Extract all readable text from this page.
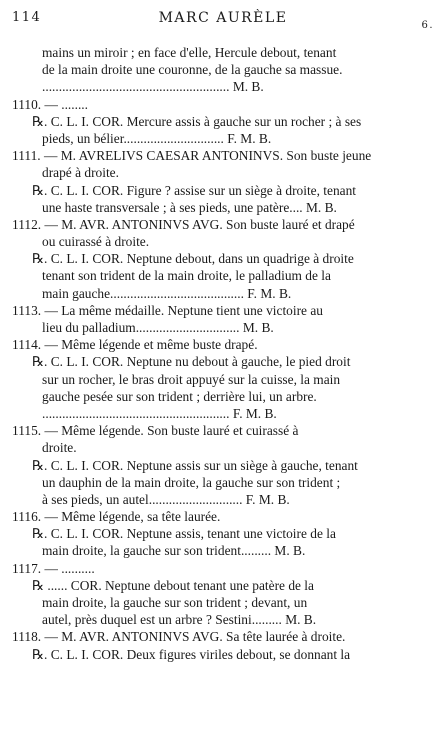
114	MARC AURÈLE	6.
mains un miroir ; en face d'elle, Hercule debout, tenant
de la main droite une couronne, de la gauche sa massue.
........................................................ M. B.
1110. — ........
℞. C. L. I. COR. Mercure assis à gauche sur un rocher ; à ses
pieds, un bélier.............................. F. M. B.
1111. — M. AVRELIVS CAESAR ANTONINVS. Son buste jeune
drapé à droite.
℞. C. L. I. COR. Figure ? assise sur un siège à droite, tenant
une haste transversale ; à ses pieds, une patère.... M. B.
1112. — M. AVR. ANTONINVS AVG. Son buste lauré et drapé
ou cuirassé à droite.
℞. C. L. I. COR. Neptune debout, dans un quadrige à droite
tenant son trident de la main droite, le palladium de la
main gauche........................................ F. M. B.
1113. — La même médaille. Neptune tient une victoire au
lieu du palladium............................... M. B.
1114. — Même légende et même buste drapé.
℞. C. L. I. COR. Neptune nu debout à gauche, le pied droit
sur un rocher, le bras droit appuyé sur la cuisse, la main
gauche pesée sur son trident ; derrière lui, un arbre.
........................................................ F. M. B.
1115. — Même légende. Son buste lauré et cuirassé à
droite.
℞. C. L. I. COR. Neptune assis sur un siège à gauche, tenant
un dauphin de la main droite, la gauche sur son trident ;
à ses pieds, un autel............................ F. M. B.
1116. — Même légende, sa tête laurée.
℞. C. L. I. COR. Neptune assis, tenant une victoire de la
main droite, la gauche sur son trident......... M. B.
1117. — ..........
℞ ...... COR. Neptune debout tenant une patère de la
main droite, la gauche sur son trident ; devant, un
autel, près duquel est un arbre ? Sestini......... M. B.
1118. — M. AVR. ANTONINVS AVG. Sa tête laurée à droite.
℞. C. L. I. COR. Deux figures viriles debout, se donnant la
